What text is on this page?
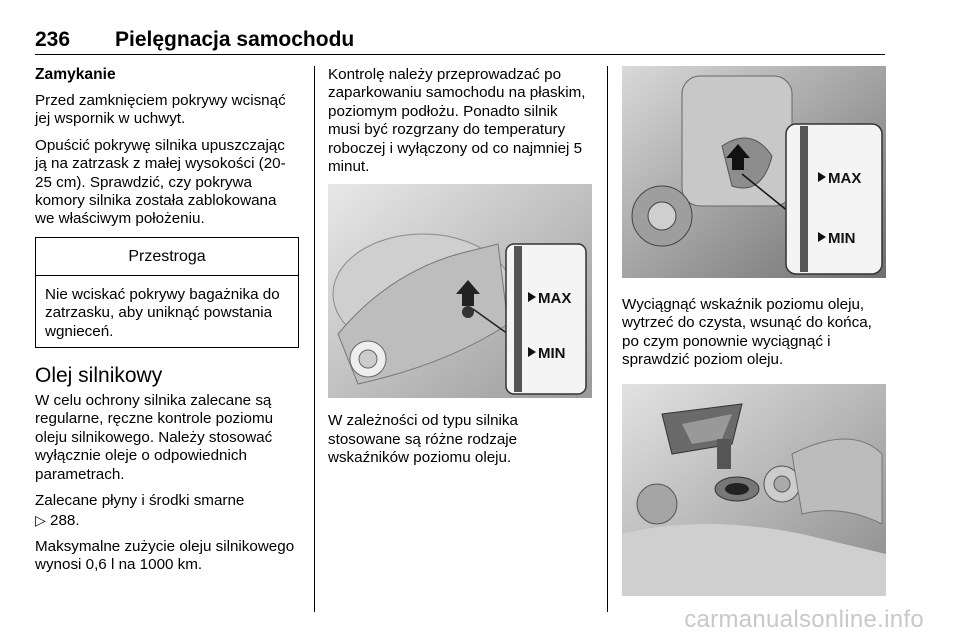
236 Pielęgnacja samochodu
Zamykanie

Przed zamknięciem pokrywy wcisnąć jej wspornik w uchwyt.

Opuścić pokrywę silnika upuszczając ją na zatrzask z małej wysokości (20-25 cm). Sprawdzić, czy pokrywa komory silnika została zablokowana we właściwym położeniu.

Przestroga

Nie wciskać pokrywy bagażnika do zatrzasku, aby uniknąć powstania wgnieceń.

Olej silnikowy

W celu ochrony silnika zalecane są regularne, ręczne kontrole poziomu oleju silnikowego. Należy stosować wyłącznie oleje o odpowiednich parametrach.

Zalecane płyny i środki smarne
▷ 288.

Maksymalne zużycie oleju silnikowego wynosi 0,6 l na 1000 km.

Kontrolę należy przeprowadzać po zaparkowaniu samochodu na płaskim, poziomym podłożu. Ponadto silnik musi być rozgrzany do temperatury roboczej i wyłączony od co najmniej 5 minut.

MAX
MIN

W zależności od typu silnika stosowane są różne rodzaje wskaźników poziomu oleju.

MAX
MIN

Wyciągnąć wskaźnik poziomu oleju, wytrzeć do czysta, wsunąć do końca, po czym ponownie wyciągnąć i sprawdzić poziom oleju.

carmanualsonline.info
